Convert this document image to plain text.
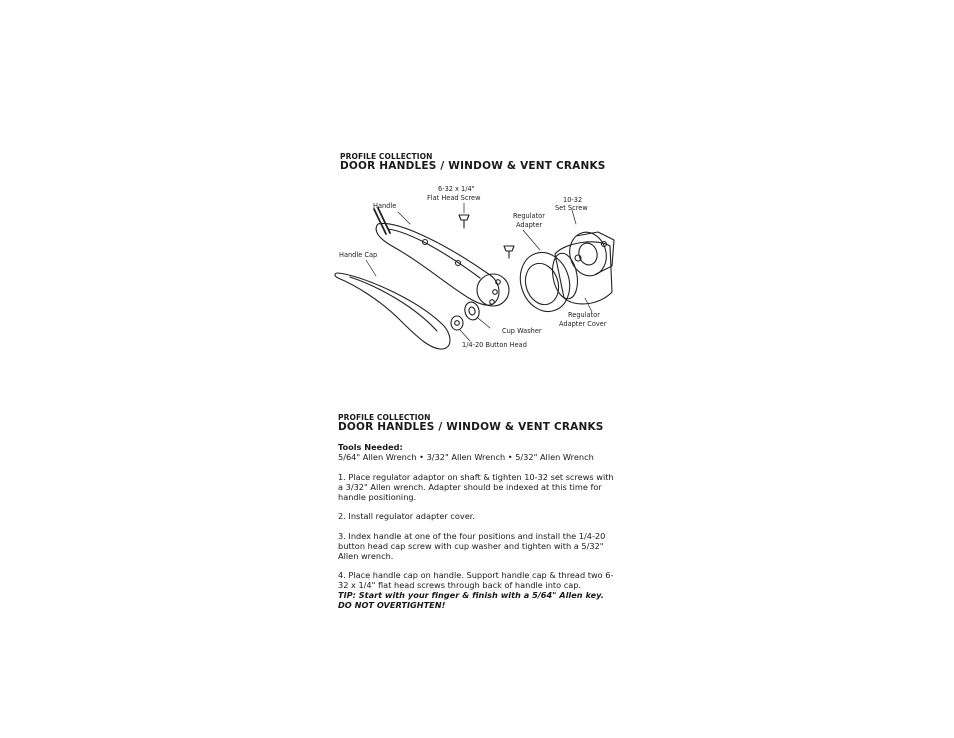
PROFILE COLLECTION
DOOR HANDLES / WINDOW & VENT CRANKS
Handle
6-32 x 1/4"
Flat Head Screw	10-32
Set Screw
Regulator
Adapter
Handle Cap
Regulator
Adapter Cover
Cup Washer
1/4-20 Button Head
PROFILE COLLECTION
DOOR HANDLES / WINDOW & VENT CRANKS

Tools Needed:

5/64" Allen Wrench • 3/32" Allen Wrench • 5/32" Allen Wrench

1. Place regulator adaptor on shaft & tighten 10-32 set screws with a 3/32" Allen wrench. Adapter should be indexed at this time for handle positioning.

2. Install regulator adapter cover.

3. Index handle at one of the four positions and install the 1/4-20 button head cap screw with cup washer and tighten with a 5/32" Allen wrench.

4. Place handle cap on handle. Support handle cap & thread two 6-32 x 1/4" flat head screws through back of handle into cap.

TIP: Start with your finger & finish with a 5/64" Allen key.

DO NOT OVERTIGHTEN!
